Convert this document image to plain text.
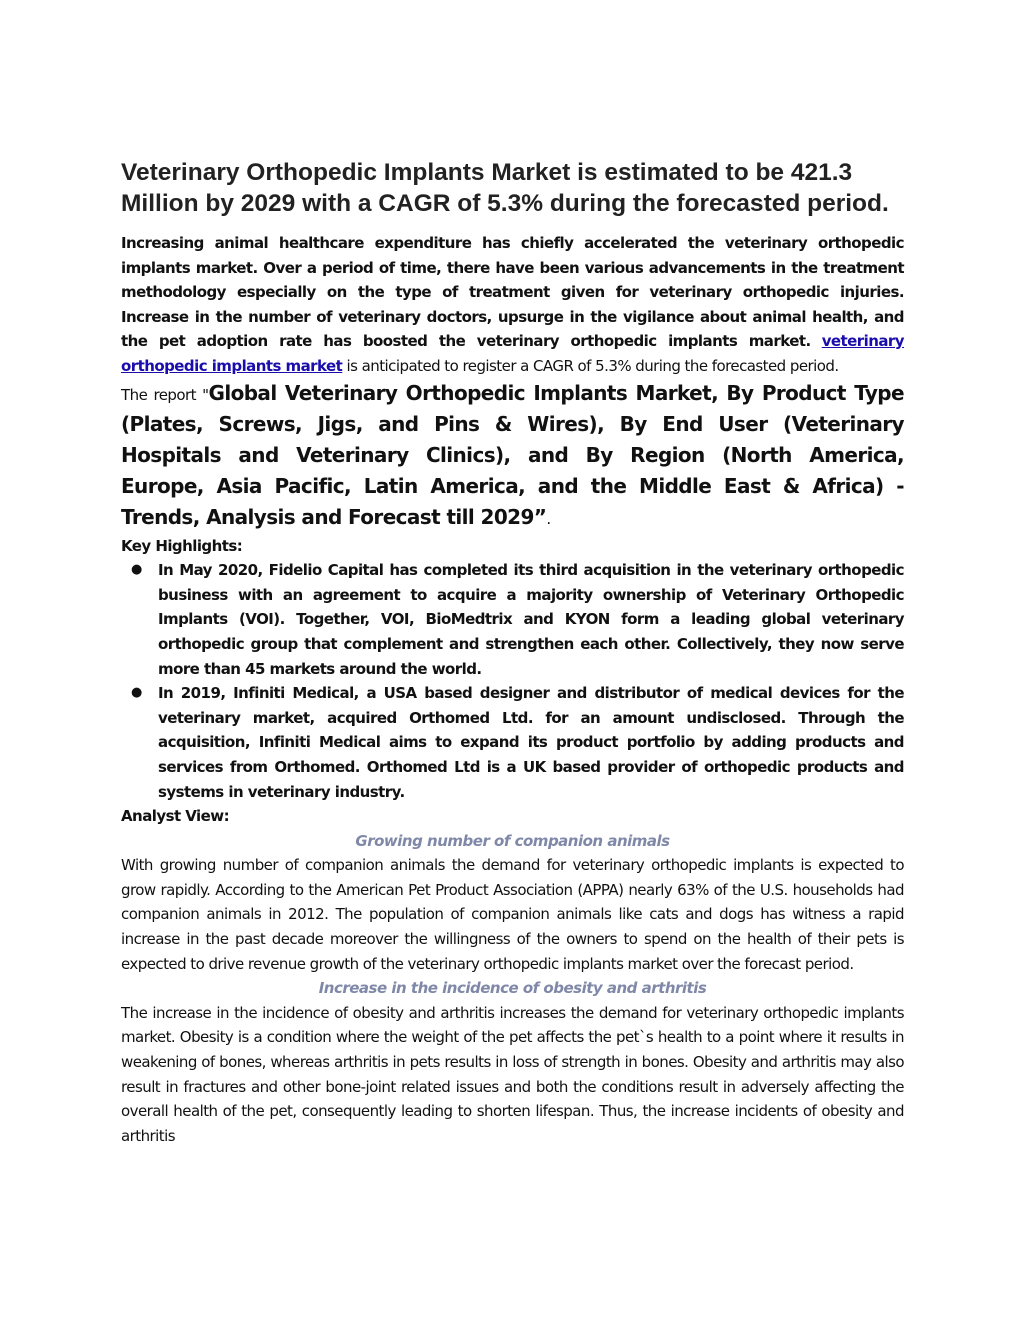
Veterinary Orthopedic Implants Market is estimated to be 421.3 Million by 2029 with a CAGR of 5.3% during the forecasted period.

Increasing animal healthcare expenditure has chiefly accelerated the veterinary orthopedic implants market. Over a period of time, there have been various advancements in the treatment methodology especially on the type of treatment given for veterinary orthopedic injuries. Increase in the number of veterinary doctors, upsurge in the vigilance about animal health, and the pet adoption rate has boosted the veterinary orthopedic implants market. veterinary orthopedic implants market is anticipated to register a CAGR of 5.3% during the forecasted period.

The report "Global Veterinary Orthopedic Implants Market, By Product Type (Plates, Screws, Jigs, and Pins & Wires), By End User (Veterinary Hospitals and Veterinary Clinics), and By Region (North America, Europe, Asia Pacific, Latin America, and the Middle East & Africa) - Trends, Analysis and Forecast till 2029”.

Key Highlights:

● In May 2020, Fidelio Capital has completed its third acquisition in the veterinary orthopedic business with an agreement to acquire a majority ownership of Veterinary Orthopedic Implants (VOI). Together, VOI, BioMedtrix and KYON form a leading global veterinary orthopedic group that complement and strengthen each other. Collectively, they now serve more than 45 markets around the world.
● In 2019, Infiniti Medical, a USA based designer and distributor of medical devices for the veterinary market, acquired Orthomed Ltd. for an amount undisclosed. Through the acquisition, Infiniti Medical aims to expand its product portfolio by adding products and services from Orthomed. Orthomed Ltd is a UK based provider of orthopedic products and systems in veterinary industry.

Analyst View:

Growing number of companion animals

With growing number of companion animals the demand for veterinary orthopedic implants is expected to grow rapidly. According to the American Pet Product Association (APPA) nearly 63% of the U.S. households had companion animals in 2012. The population of companion animals like cats and dogs has witness a rapid increase in the past decade moreover the willingness of the owners to spend on the health of their pets is expected to drive revenue growth of the veterinary orthopedic implants market over the forecast period.

Increase in the incidence of obesity and arthritis

The increase in the incidence of obesity and arthritis increases the demand for veterinary orthopedic implants market. Obesity is a condition where the weight of the pet affects the pet`s health to a point where it results in weakening of bones, whereas arthritis in pets results in loss of strength in bones. Obesity and arthritis may also result in fractures and other bone-joint related issues and both the conditions result in adversely affecting the overall health of the pet, consequently leading to shorten lifespan. Thus, the increase incidents of obesity and arthritis
